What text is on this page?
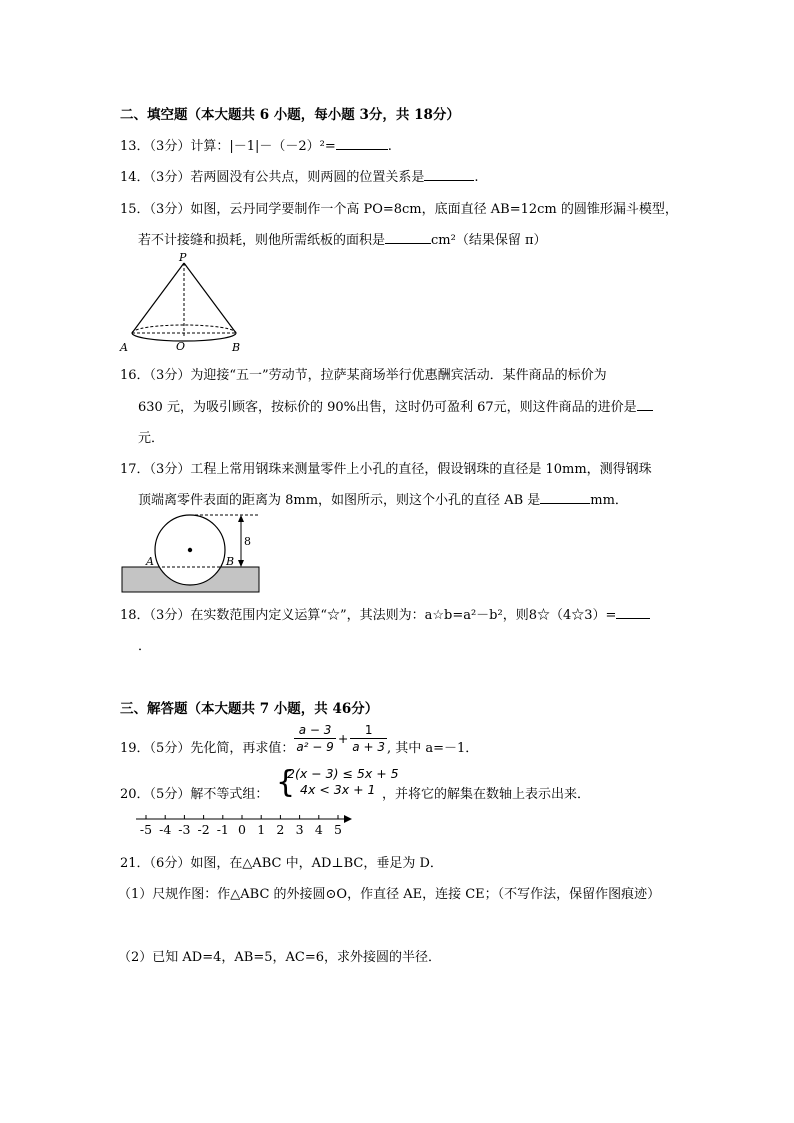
二、填空题（本大题共 6 小题，每小题 3分，共 18分）
13．（3分）计算：|－1|－（－2）²=	.
14．（3分）若两圆没有公共点，则两圆的位置关系是	.
15．（3分）如图，云丹同学要制作一个高 PO=8cm，底面直径 AB=12cm 的圆锥形漏斗模型，
若不计接缝和损耗，则他所需纸板的面积是	cm²（结果保留 π）
P
O
A	B
16．（3分）为迎接“五一”劳动节，拉萨某商场举行优惠酬宾活动．某件商品的标价为
630 元，为吸引顾客，按标价的 90%出售，这时仍可盈利 67元，则这件商品的进价是
元．
17．（3分）工程上常用钢珠来测量零件上小孔的直径，假设钢珠的直径是 10mm，测得钢珠
顶端离零件表面的距离为 8mm，如图所示，则这个小孔的直径 AB 是	mm．
8
A	B
18．（3分）在实数范围内定义运算“☆”，其法则为：a☆b=a²－b²，则8☆（4☆3）=
．
三、解答题（本大题共 7 小题，共 46分）
19．（5分）先化简，再求值： $\frac{a - 3}{\text{a² − 9}} + \frac{1}{a + 3}$ , 其中 a=－1．
20．（5分）解不等式组： {
2(x − 3) ≤ 5x + 5
4x < 3x + 1 ，并将它的解集在数轴上表示出来．
-5 -4 -3 -2 -1 0 1 2 3 4 5
21．（6分）如图，在△ABC 中，AD⊥BC，垂足为 D．
（1）尺规作图：作△ABC 的外接圆⊙O，作直径 AE，连接 CE；（不写作法，保留作图痕迹）
（2）已知 AD=4，AB=5，AC=6，求外接圆的半径．
